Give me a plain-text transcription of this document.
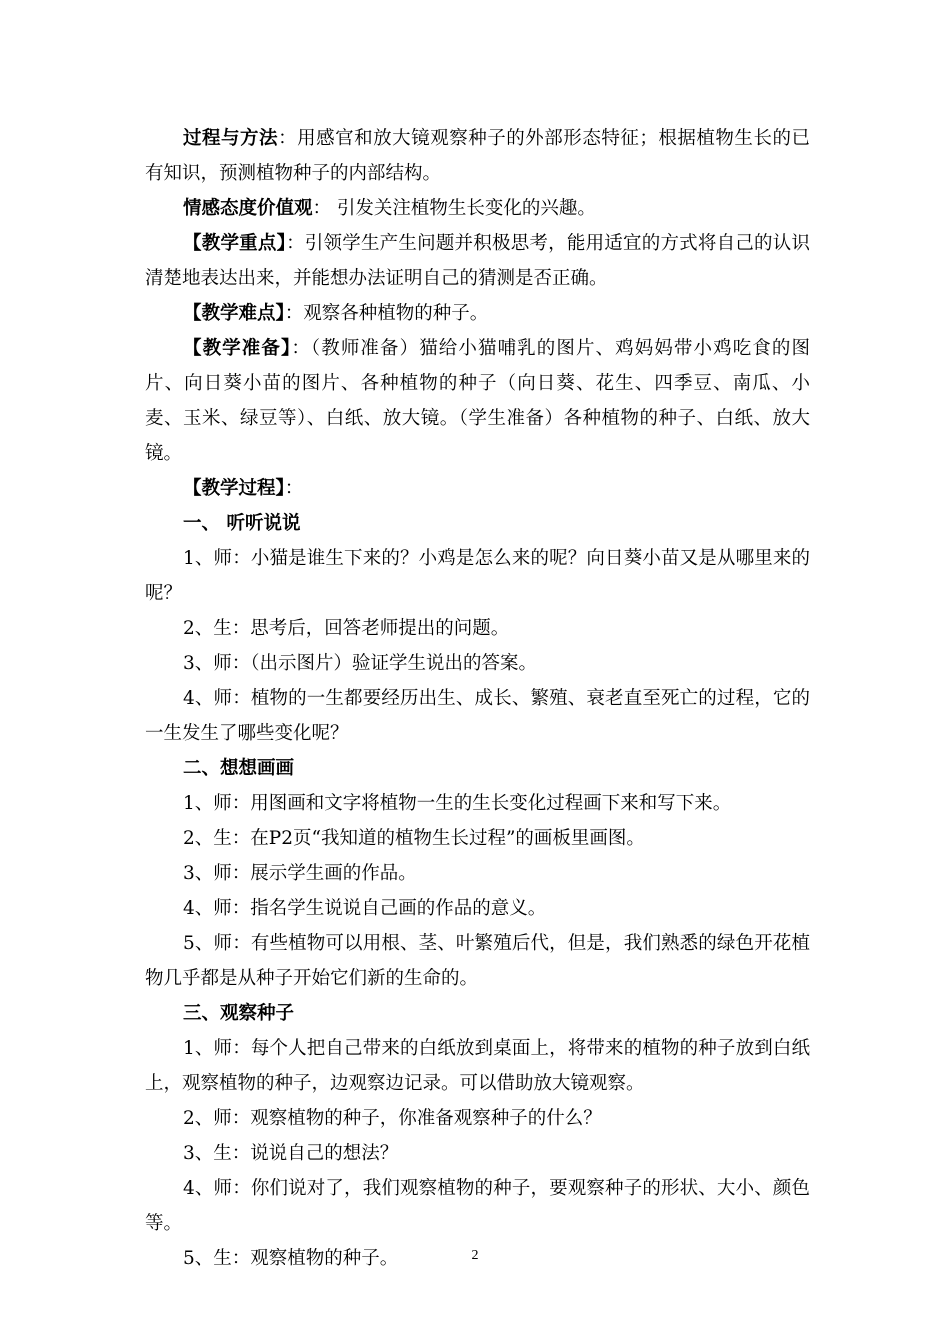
过程与方法：用感官和放大镜观察种子的外部形态特征；根据植物生长的已有知识，预测植物种子的内部结构。

情感态度价值观： 引发关注植物生长变化的兴趣。

【教学重点】：引领学生产生问题并积极思考，能用适宜的方式将自己的认识清楚地表达出来，并能想办法证明自己的猜测是否正确。

【教学难点】：观察各种植物的种子。

【教学准备】：（教师准备）猫给小猫哺乳的图片、鸡妈妈带小鸡吃食的图片、向日葵小苗的图片、各种植物的种子（向日葵、花生、四季豆、南瓜、小麦、玉米、绿豆等）、白纸、放大镜。（学生准备）各种植物的种子、白纸、放大镜。

【教学过程】：

一、 听听说说

1、师：小猫是谁生下来的？小鸡是怎么来的呢？向日葵小苗又是从哪里来的呢？

2、生：思考后，回答老师提出的问题。

3、师：（出示图片）验证学生说出的答案。

4、师：植物的一生都要经历出生、成长、繁殖、衰老直至死亡的过程，它的一生发生了哪些变化呢？

二、想想画画

1、师：用图画和文字将植物一生的生长变化过程画下来和写下来。

2、生：在P2页“我知道的植物生长过程”的画板里画图。

3、师：展示学生画的作品。

4、师：指名学生说说自己画的作品的意义。

5、师：有些植物可以用根、茎、叶繁殖后代，但是，我们熟悉的绿色开花植物几乎都是从种子开始它们新的生命的。

三、观察种子

1、师：每个人把自己带来的白纸放到桌面上，将带来的植物的种子放到白纸上，观察植物的种子，边观察边记录。可以借助放大镜观察。

2、师：观察植物的种子，你准备观察种子的什么？

3、生：说说自己的想法？

4、师：你们说对了，我们观察植物的种子，要观察种子的形状、大小、颜色等。

5、生：观察植物的种子。	2
